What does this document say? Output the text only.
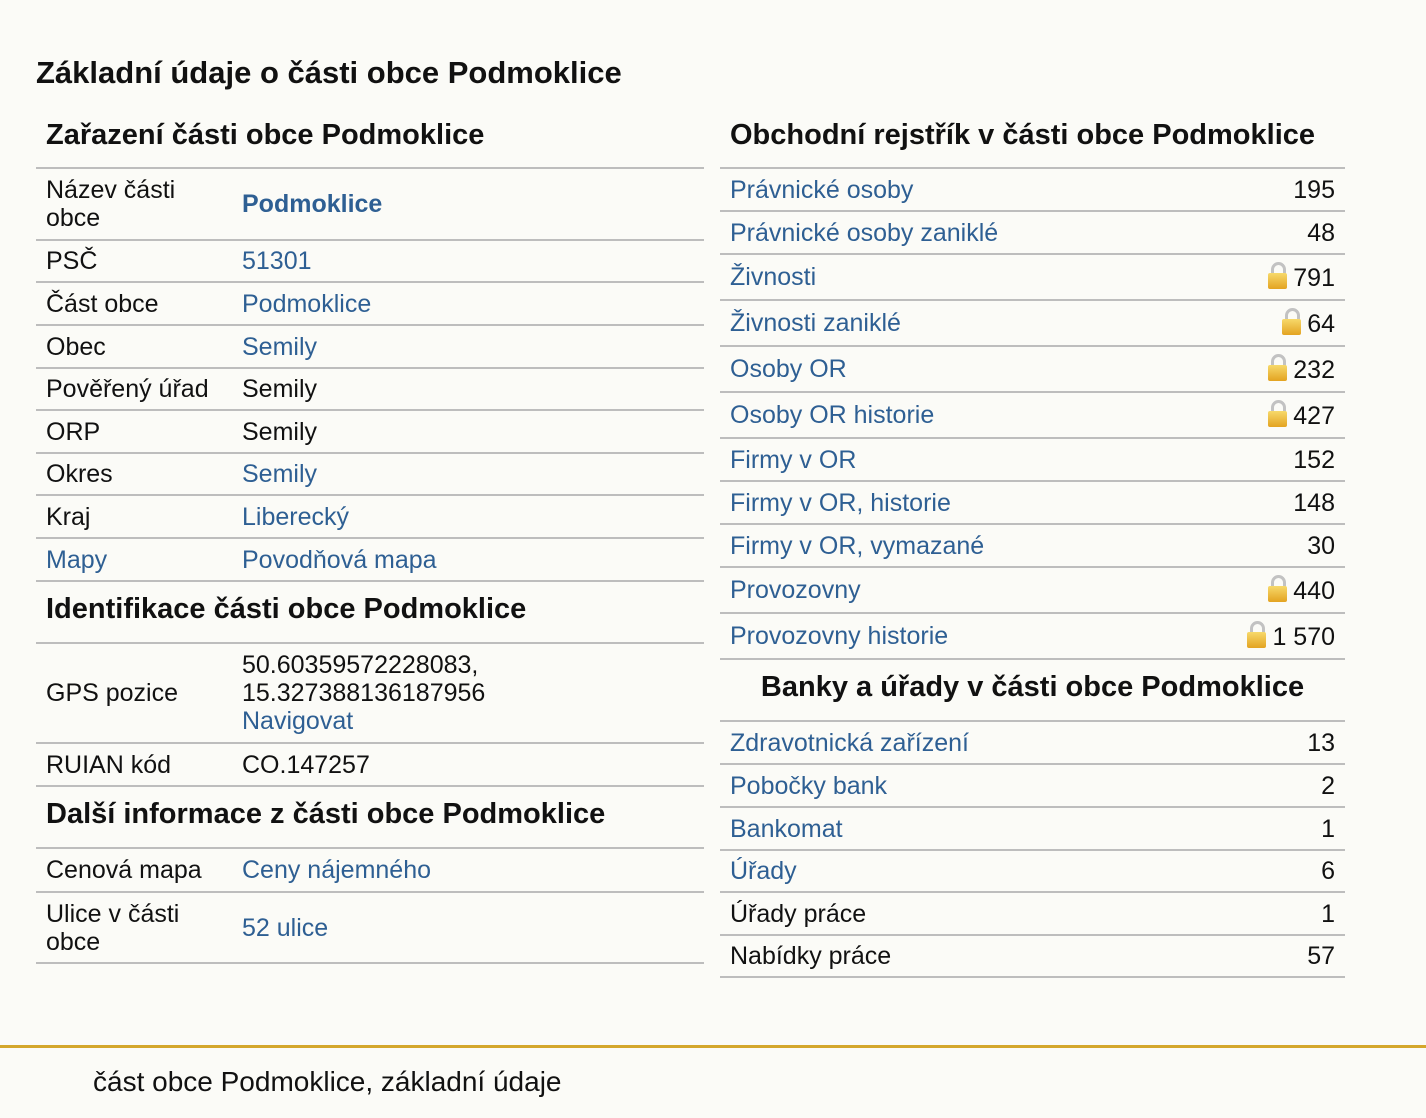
Základní údaje o části obce Podmoklice
Zařazení části obce Podmoklice
Název části obce	Podmoklice
PSČ	51301
Část obce	Podmoklice
Obec	Semily
Pověřený úřad	Semily
ORP	Semily
Okres	Semily
Kraj	Liberecký
Mapy	Povodňová mapa
Identifikace části obce Podmoklice
GPS pozice	50.60359572228083,
15.327388136187956
Navigovat
RUIAN kód	CO.147257
Další informace z části obce Podmoklice
Cenová mapa	Ceny nájemného
Ulice v části obce	52 ulice
Obchodní rejstřík v části obce Podmoklice
Právnické osoby	195
Právnické osoby zaniklé	48
Živnosti	791
Živnosti zaniklé	64
Osoby OR	232
Osoby OR historie	427
Firmy v OR	152
Firmy v OR, historie	148
Firmy v OR, vymazané	30
Provozovny	440
Provozovny historie	1 570
Banky a úřady v části obce Podmoklice
Zdravotnická zařízení	13
Pobočky bank	2
Bankomat	1
Úřady	6
Úřady práce	1
Nabídky práce	57
část obce Podmoklice, základní údaje
